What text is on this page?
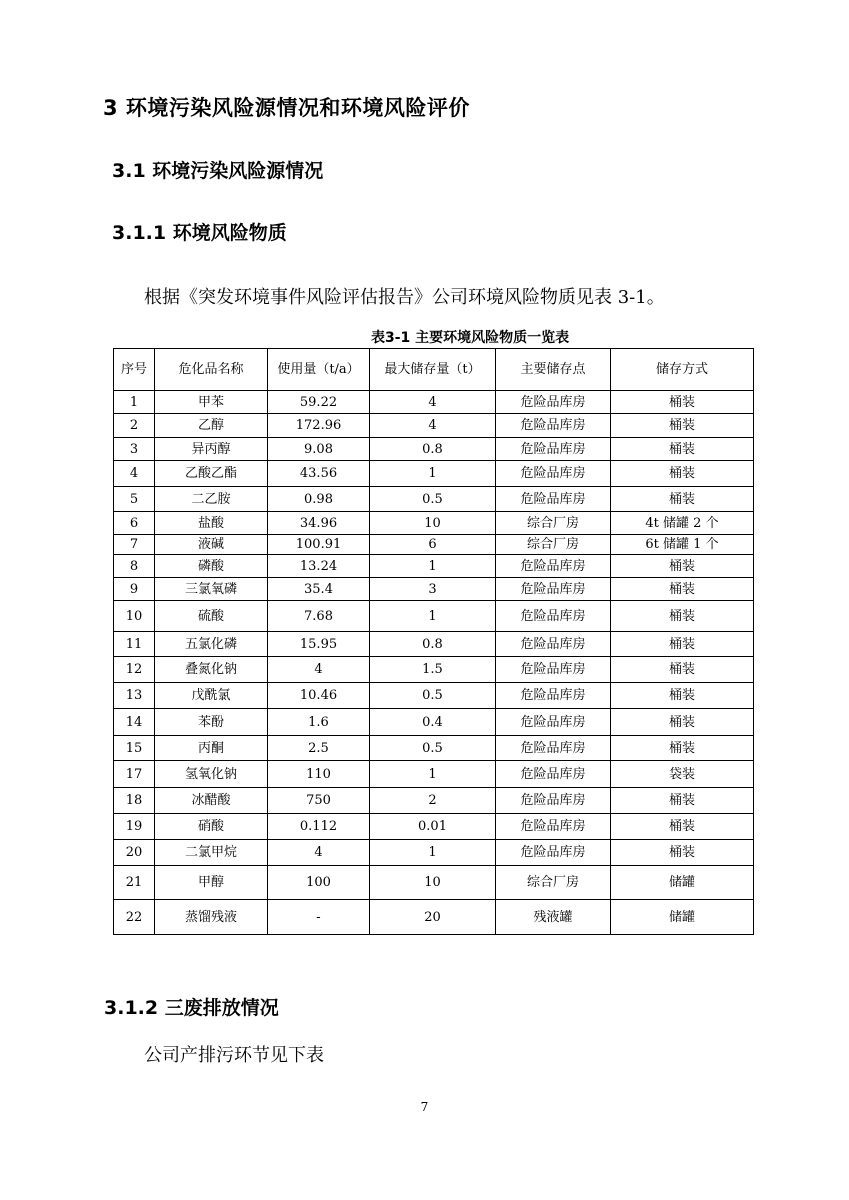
3 环境污染风险源情况和环境风险评价
3.1 环境污染风险源情况
3.1.1 环境风险物质
根据《突发环境事件风险评估报告》公司环境风险物质见表 3-1。
表3-1 主要环境风险物质一览表
序号	危化品名称	使用量（t/a）	最大储存量（t）	主要储存点	储存方式
1	甲苯	59.22	4	危险品库房	桶装
2	乙醇	172.96	4	危险品库房	桶装
3	异丙醇	9.08	0.8	危险品库房	桶装
4	乙酸乙酯	43.56	1	危险品库房	桶装
5	二乙胺	0.98	0.5	危险品库房	桶装
6	盐酸	34.96	10	综合厂房	4t 储罐 2 个
7	液碱	100.91	6	综合厂房	6t 储罐 1 个
8	磷酸	13.24	1	危险品库房	桶装
9	三氯氧磷	35.4	3	危险品库房	桶装
10	硫酸	7.68	1	危险品库房	桶装
11	五氯化磷	15.95	0.8	危险品库房	桶装
12	叠氮化钠	4	1.5	危险品库房	桶装
13	戊酰氯	10.46	0.5	危险品库房	桶装
14	苯酚	1.6	0.4	危险品库房	桶装
15	丙酮	2.5	0.5	危险品库房	桶装
17	氢氧化钠	110	1	危险品库房	袋装
18	冰醋酸	750	2	危险品库房	桶装
19	硝酸	0.112	0.01	危险品库房	桶装
20	二氯甲烷	4	1	危险品库房	桶装
21	甲醇	100	10	综合厂房	储罐
22	蒸馏残液	-	20	残液罐	储罐
3.1.2 三废排放情况
公司产排污环节见下表
7
